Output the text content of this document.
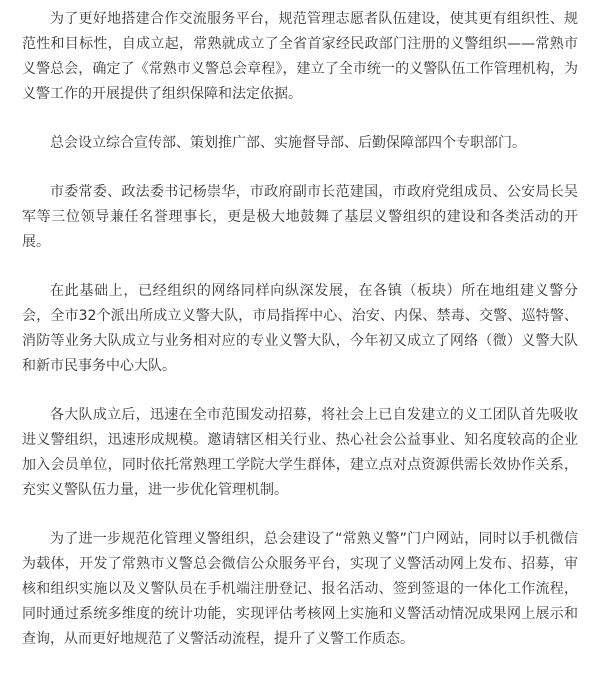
为了更好地搭建合作交流服务平台，规范管理志愿者队伍建设，使其更有组织性、规范性和目标性，自成立起，常熟就成立了全省首家经民政部门注册的义警组织——常熟市义警总会，确定了《常熟市义警总会章程》，建立了全市统一的义警队伍工作管理机构，为义警工作的开展提供了组织保障和法定依据。

总会设立综合宣传部、策划推广部、实施督导部、后勤保障部四个专职部门。

市委常委、政法委书记杨崇华，市政府副市长范建国，市政府党组成员、公安局长吴军等三位领导兼任名誉理事长，更是极大地鼓舞了基层义警组织的建设和各类活动的开展。

在此基础上，已经组织的网络同样向纵深发展，在各镇（板块）所在地组建义警分会，全市32个派出所成立义警大队，市局指挥中心、治安、内保、禁毒、交警、巡特警、消防等业务大队成立与业务相对应的专业义警大队，今年初又成立了网络（微）义警大队和新市民事务中心大队。

各大队成立后，迅速在全市范围发动招募，将社会上已自发建立的义工团队首先吸收进义警组织，迅速形成规模。邀请辖区相关行业、热心社会公益事业、知名度较高的企业加入会员单位，同时依托常熟理工学院大学生群体，建立点对点资源供需长效协作关系，充实义警队伍力量，进一步优化管理机制。

为了进一步规范化管理义警组织，总会建设了“常熟义警”门户网站，同时以手机微信为载体，开发了常熟市义警总会微信公众服务平台，实现了义警活动网上发布、招募，审核和组织实施以及义警队员在手机端注册登记、报名活动、签到签退的一体化工作流程，同时通过系统多维度的统计功能，实现评估考核网上实施和义警活动情况成果网上展示和查询，从而更好地规范了义警活动流程，提升了义警工作质态。
